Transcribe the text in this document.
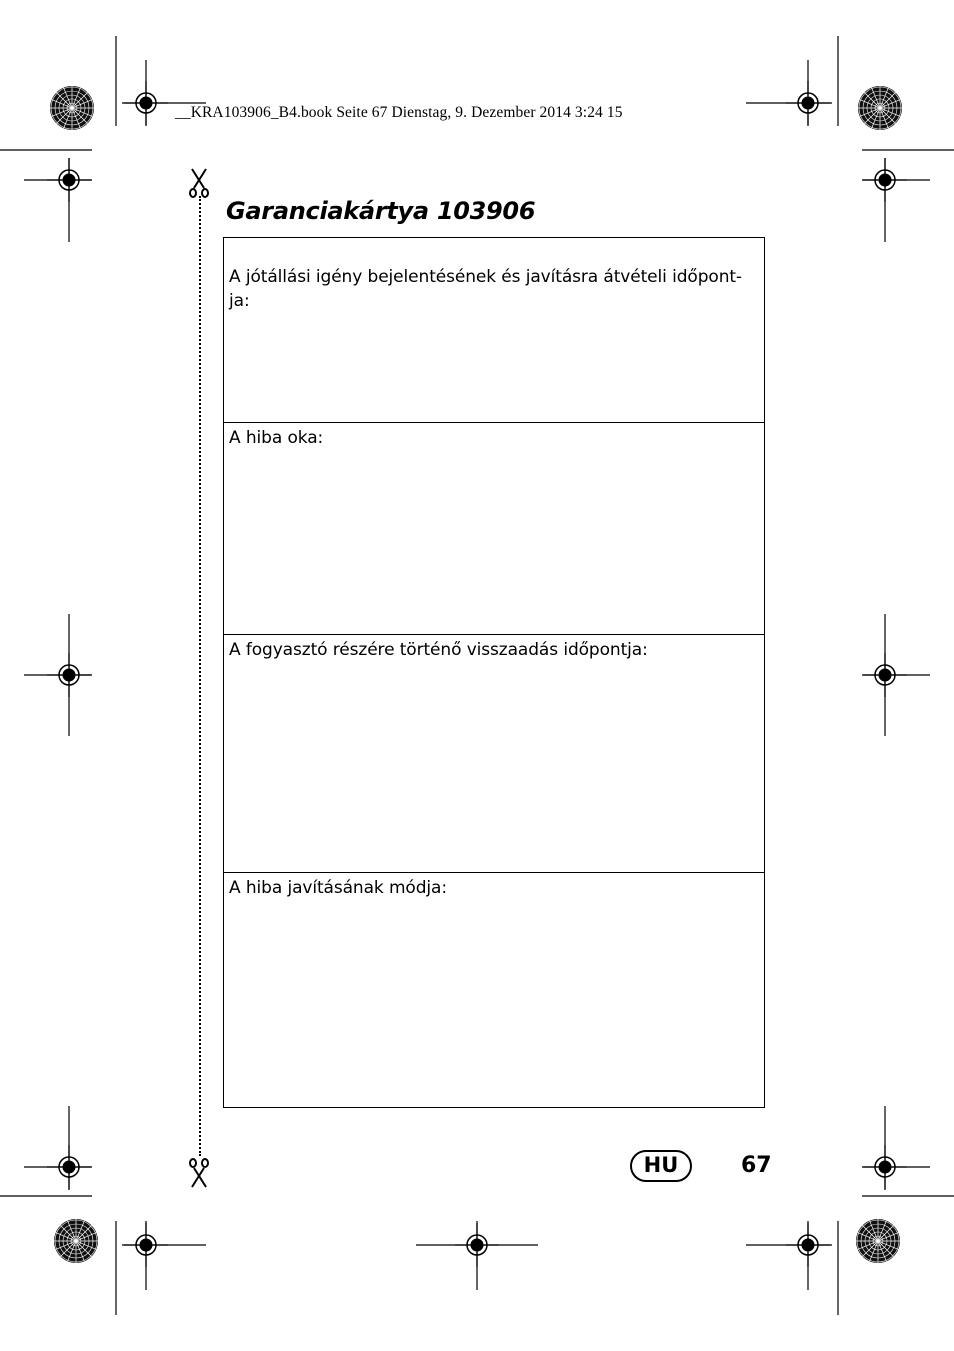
__KRA103906_B4.book Seite 67 Dienstag, 9. Dezember 2014 3:24 15
Garanciakártya 103906

A jótállási igény bejelentésének és javításra átvételi időpont-
ja:

A hiba oka:
A fogyasztó részére történő visszaadás időpontja:
A hiba javításának módja:
HU	67
